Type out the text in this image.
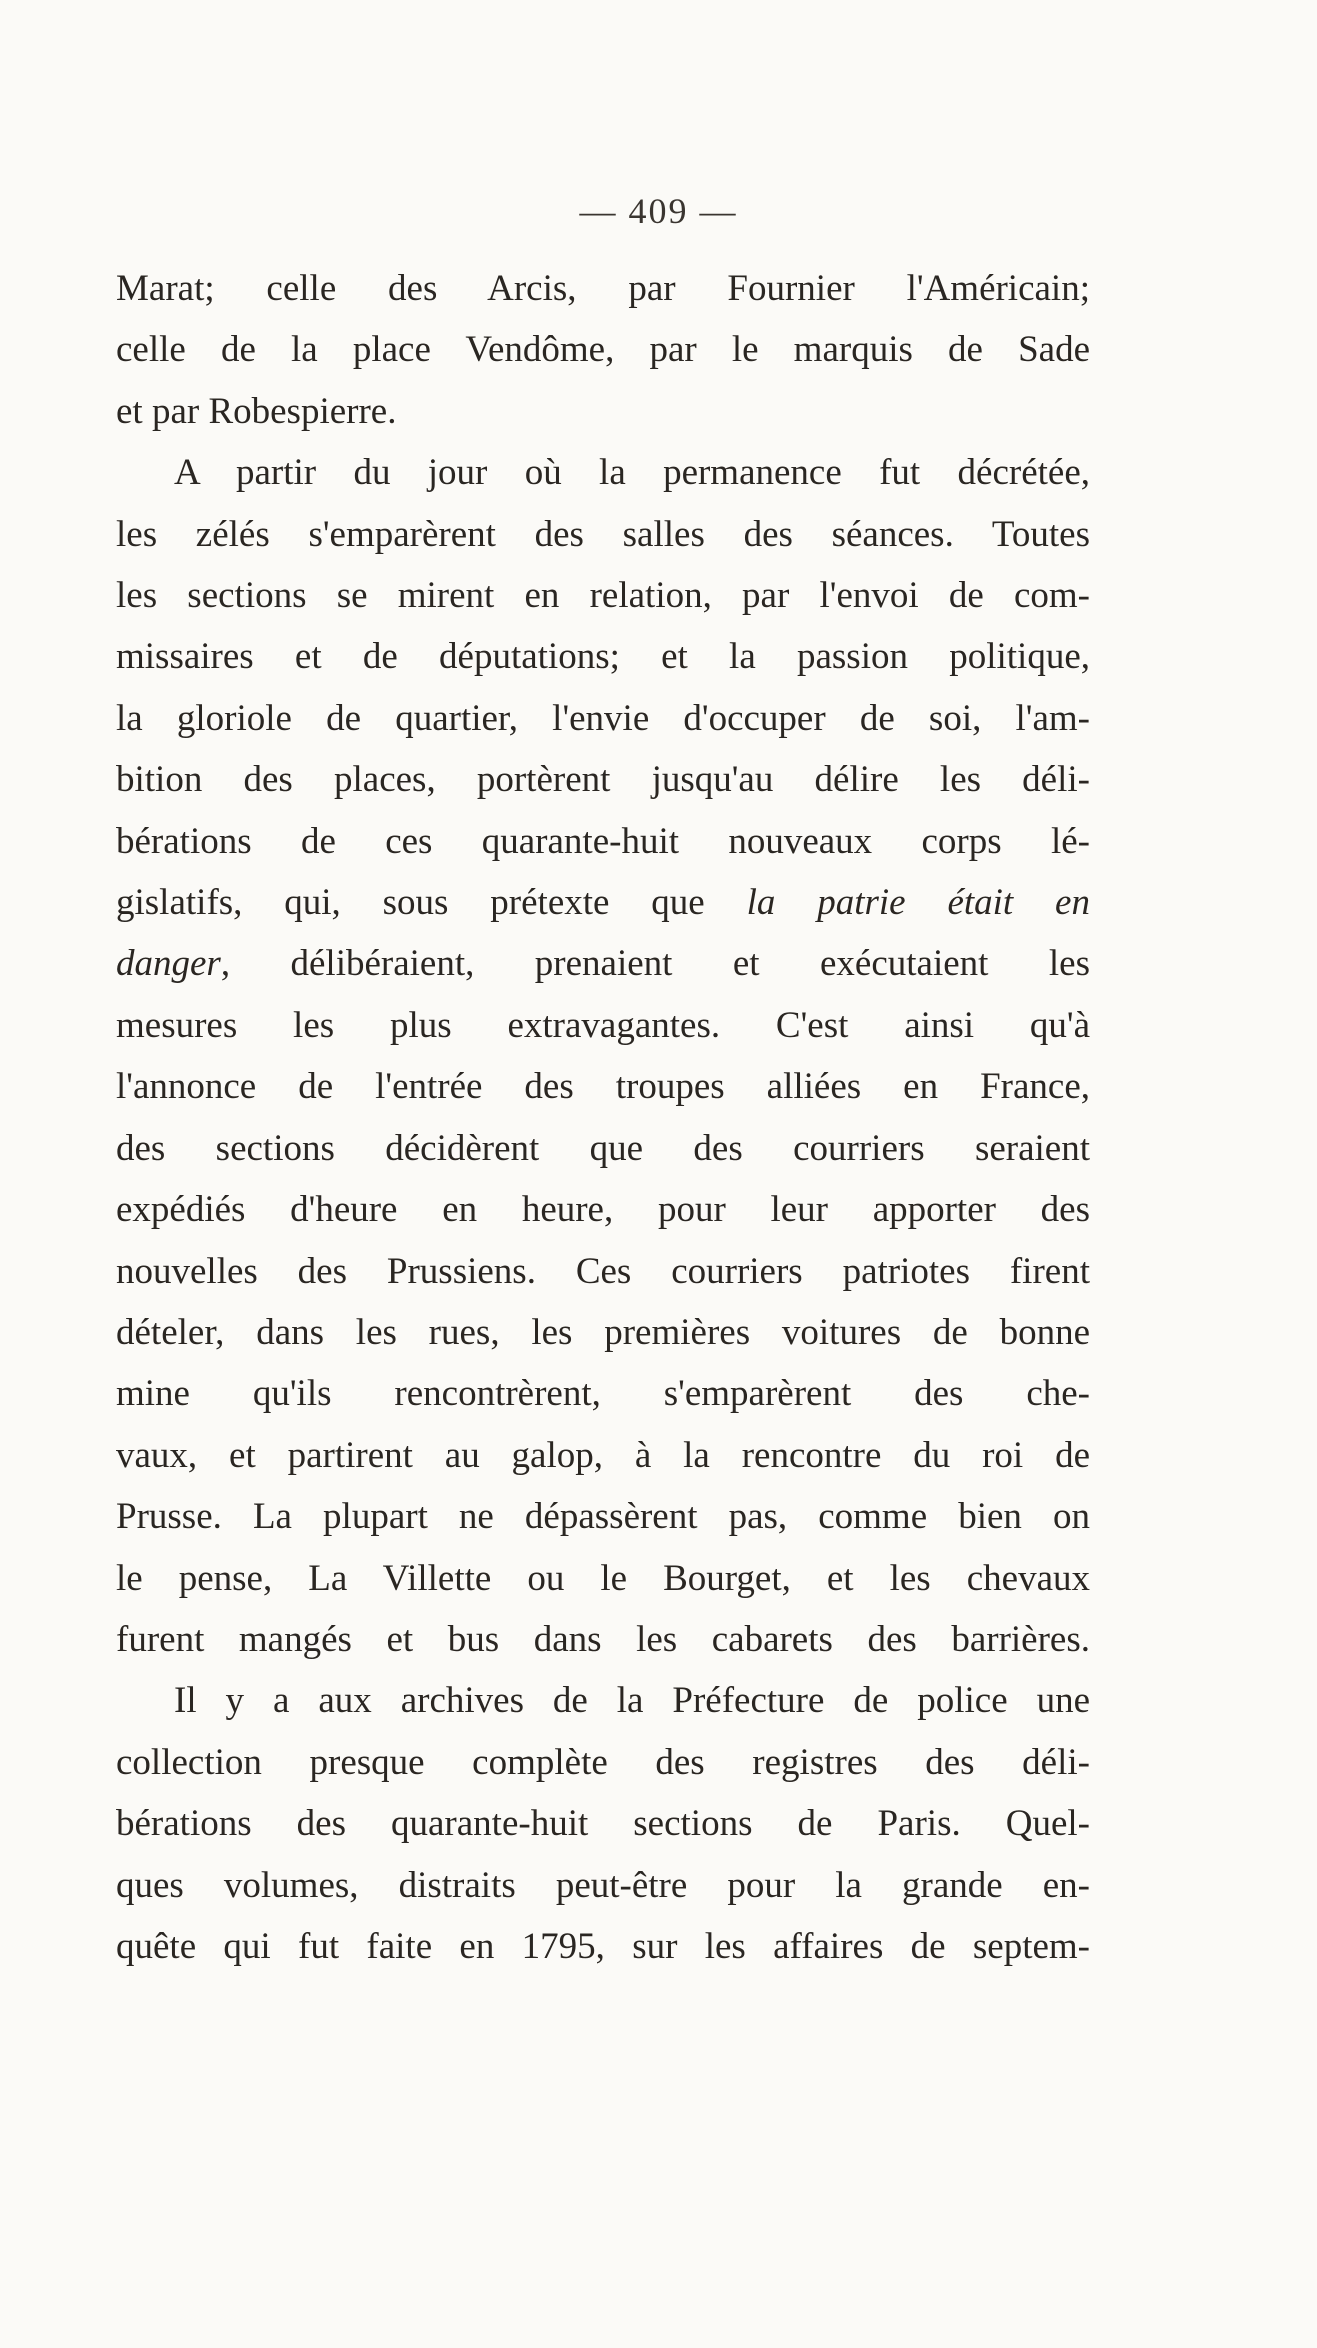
— 409 —
Marat; celle des Arcis, par Fournier l'Américain;
celle de la place Vendôme, par le marquis de Sade
et par Robespierre.
A partir du jour où la permanence fut décrétée,
les zélés s'emparèrent des salles des séances. Toutes
les sections se mirent en relation, par l'envoi de com-
missaires et de députations; et la passion politique,
la gloriole de quartier, l'envie d'occuper de soi, l'am-
bition des places, portèrent jusqu'au délire les déli-
bérations de ces quarante-huit nouveaux corps lé-
gislatifs, qui, sous prétexte que la patrie était en
danger, délibéraient, prenaient et exécutaient les
mesures les plus extravagantes. C'est ainsi qu'à
l'annonce de l'entrée des troupes alliées en France,
des sections décidèrent que des courriers seraient
expédiés d'heure en heure, pour leur apporter des
nouvelles des Prussiens. Ces courriers patriotes firent
dételer, dans les rues, les premières voitures de bonne
mine qu'ils rencontrèrent, s'emparèrent des che-
vaux, et partirent au galop, à la rencontre du roi de
Prusse. La plupart ne dépassèrent pas, comme bien on
le pense, La Villette ou le Bourget, et les chevaux
furent mangés et bus dans les cabarets des barrières.
Il y a aux archives de la Préfecture de police une
collection presque complète des registres des déli-
bérations des quarante-huit sections de Paris. Quel-
ques volumes, distraits peut-être pour la grande en-
quête qui fut faite en 1795, sur les affaires de septem-
